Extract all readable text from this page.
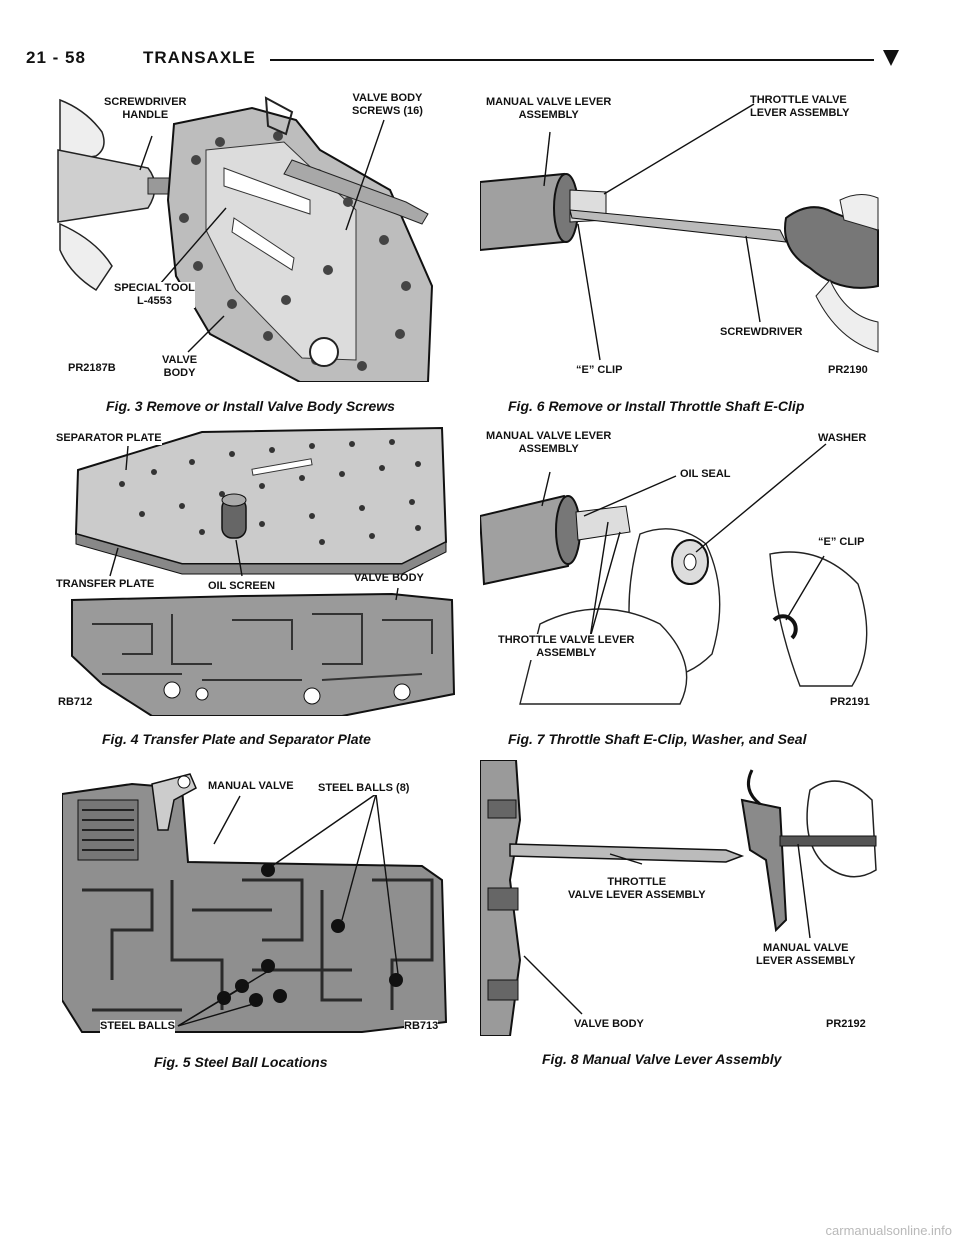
21 - 58	TRANSAXLE
SCREWDRIVER
HANDLE
VALVE BODY
SCREWS (16)
SPECIAL TOOL
L-4553
VALVE
BODY
PR2187B
Fig. 3 Remove or Install Valve Body Screws
SEPARATOR PLATE
TRANSFER PLATE	OIL SCREEN
VALVE BODY
RB712
Fig. 4 Transfer Plate and Separator Plate
MANUAL VALVE STEEL BALLS (8)
STEEL BALLS	RB713
Fig. 5 Steel Ball Locations
MANUAL VALVE LEVER
ASSEMBLY
THROTTLE VALVE
LEVER ASSEMBLY
SCREWDRIVER
“E” CLIP	PR2190
Fig. 6 Remove or Install Throttle Shaft E-Clip
MANUAL VALVE LEVER
ASSEMBLY
WASHER
OIL SEAL
“E” CLIP
THROTTLE VALVE LEVER
ASSEMBLY
PR2191
Fig. 7 Throttle Shaft E-Clip, Washer, and Seal
THROTTLE
VALVE LEVER ASSEMBLY
MANUAL VALVE
LEVER ASSEMBLY
VALVE BODY	PR2192
Fig. 8 Manual Valve Lever Assembly
carmanualsonline.info
